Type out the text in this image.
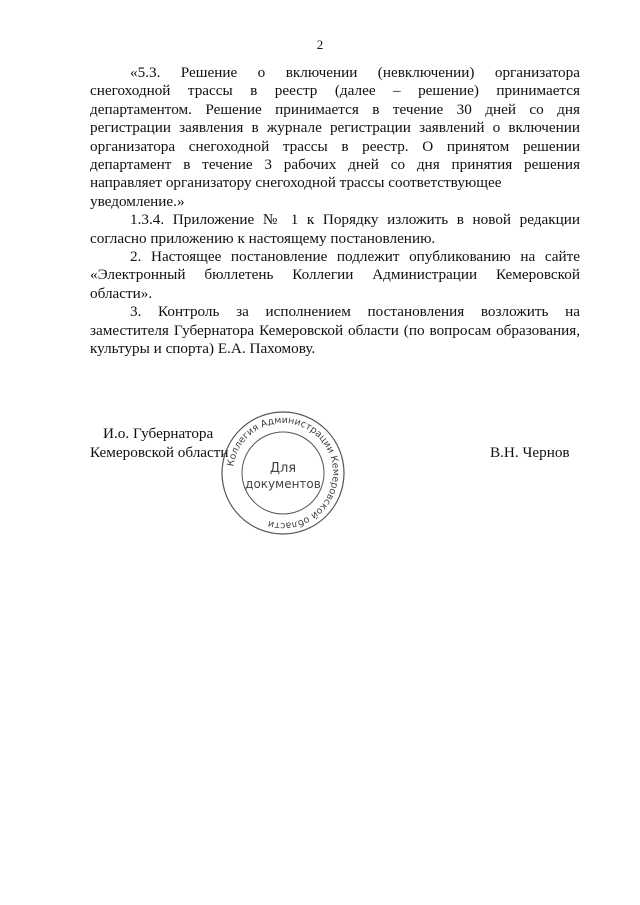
2

«5.3. Решение о включении (невключении) организатора снегоходной трассы в реестр (далее – решение) принимается департаментом. Решение принимается в течение 30 дней со дня регистрации заявления в журнале регистрации заявлений о включении организатора снегоходной трассы в реестр. О принятом решении департамент в течение 3 рабочих дней со дня принятия решения направляет организатору снегоходной трассы соответствующее

уведомление.»

1.3.4. Приложение № 1 к Порядку изложить в новой редакции согласно приложению к настоящему постановлению.

2. Настоящее постановление подлежит опубликованию на сайте «Электронный бюллетень Коллегии Администрации Кемеровской области».

3. Контроль за исполнением постановления возложить на заместителя Губернатора Кемеровской области (по вопросам образования, культуры и спорта) Е.А. Пахомову.

И.о. Губернатора
Кемеровской области	В.Н. Чернов
Коллегия Администрации Кемеровской области
Для
документов
